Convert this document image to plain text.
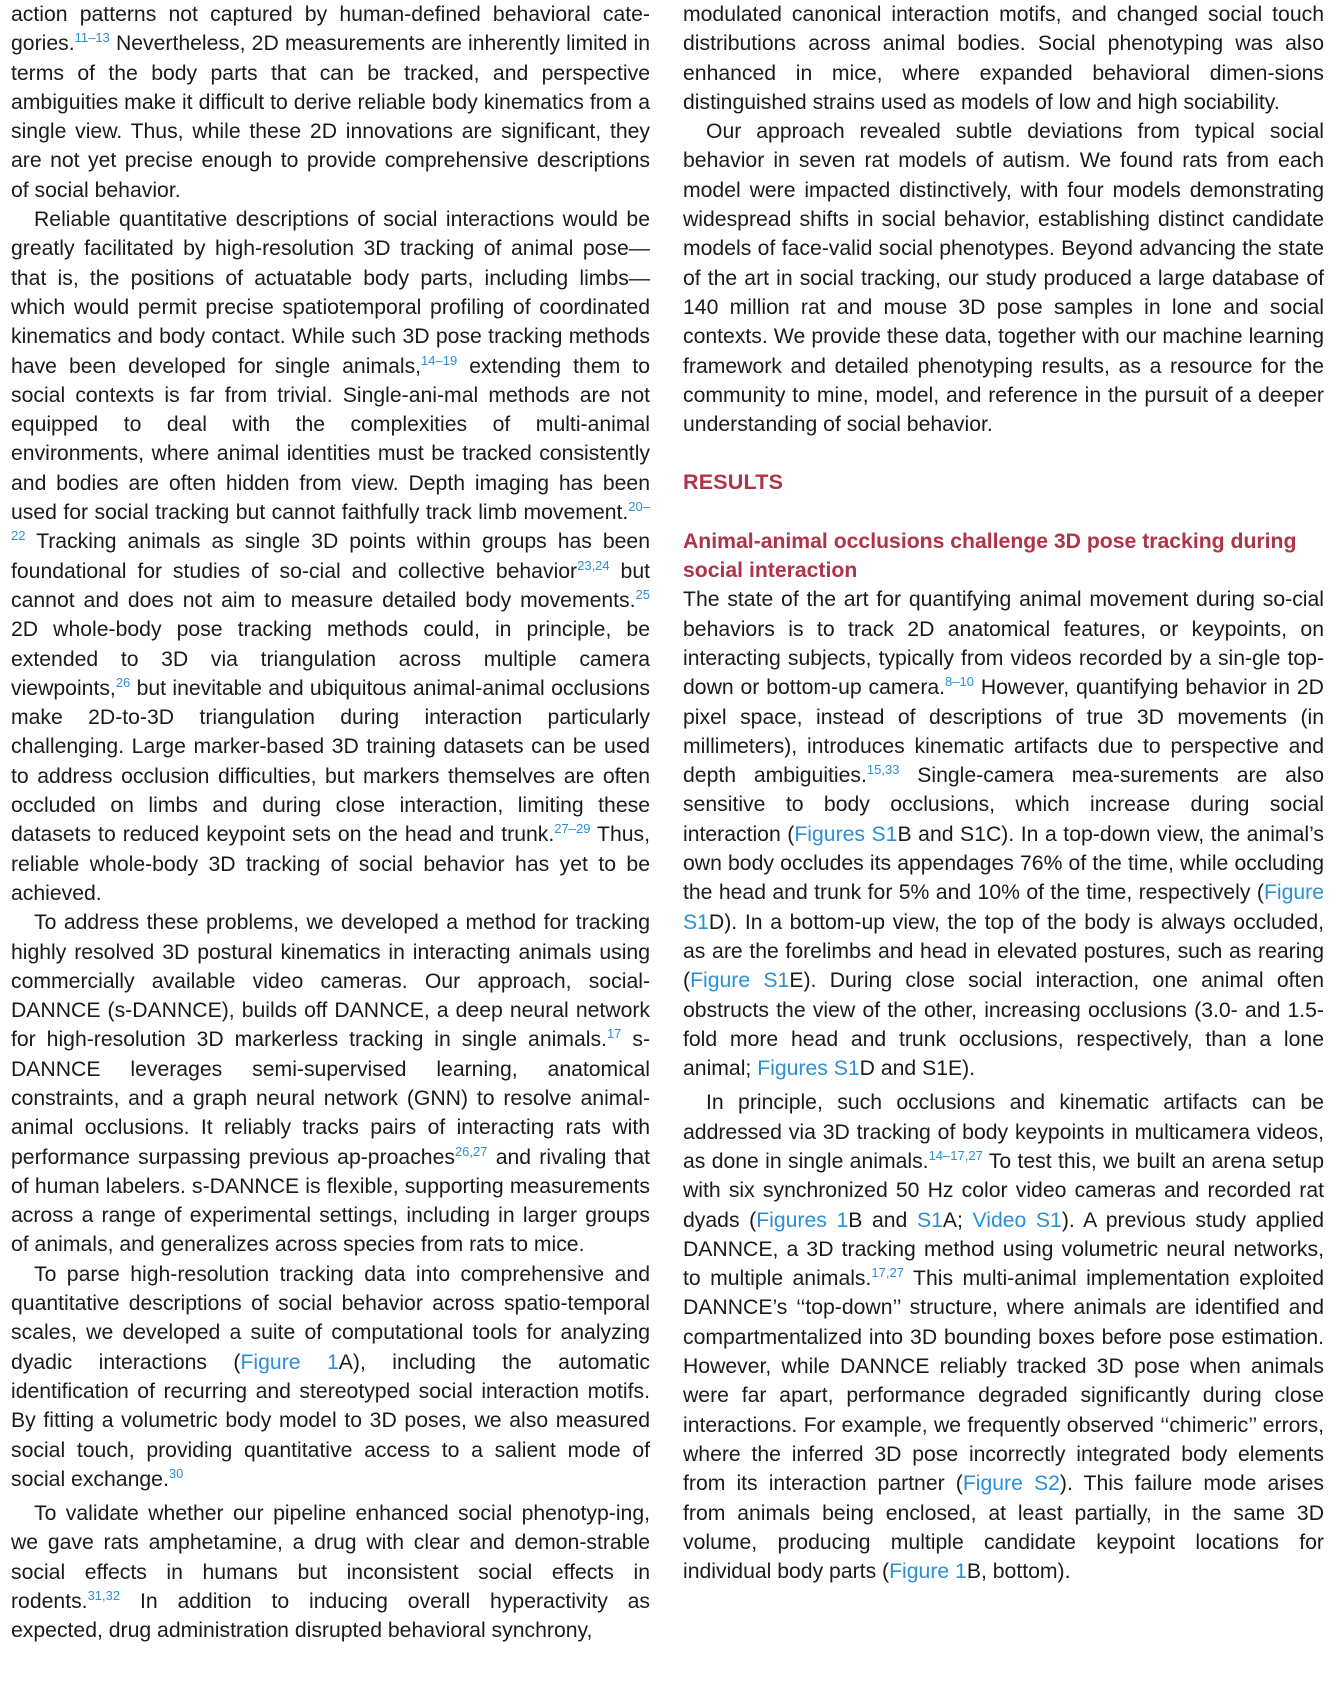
action patterns not captured by human-defined behavioral cate-gories.$^{11-13}$ Nevertheless, 2D measurements are inherently limited in terms of the body parts that can be tracked, and perspective ambiguities make it difficult to derive reliable body kinematics from a single view. Thus, while these 2D innovations are significant, they are not yet precise enough to provide comprehensive descriptions of social behavior.

Reliable quantitative descriptions of social interactions would be greatly facilitated by high-resolution 3D tracking of animal pose—that is, the positions of actuatable body parts, including limbs—which would permit precise spatiotemporal profiling of coordinated kinematics and body contact. While such 3D pose tracking methods have been developed for single animals,$^{14-19}$ extending them to social contexts is far from trivial. Single-ani-mal methods are not equipped to deal with the complexities of multi-animal environments, where animal identities must be tracked consistently and bodies are often hidden from view. Depth imaging has been used for social tracking but cannot faithfully track limb movement.$^{20-22}$ Tracking animals as single 3D points within groups has been foundational for studies of so-cial and collective behavior$^{23,24}$ but cannot and does not aim to measure detailed body movements.$^{25}$ 2D whole-body pose tracking methods could, in principle, be extended to 3D via triangulation across multiple camera viewpoints,$^{26}$ but inevitable and ubiquitous animal-animal occlusions make 2D-to-3D triangulation during interaction particularly challenging. Large marker-based 3D training datasets can be used to address occlusion difficulties, but markers themselves are often occluded on limbs and during close interaction, limiting these datasets to reduced keypoint sets on the head and trunk.$^{27-29}$ Thus, reliable whole-body 3D tracking of social behavior has yet to be achieved.

To address these problems, we developed a method for tracking highly resolved 3D postural kinematics in interacting animals using commercially available video cameras. Our approach, social-DANNCE (s-DANNCE), builds off DANNCE, a deep neural network for high-resolution 3D markerless tracking in single animals.$^{17}$ s-DANNCE leverages semi-supervised learning, anatomical constraints, and a graph neural network (GNN) to resolve animal-animal occlusions. It reliably tracks pairs of interacting rats with performance surpassing previous ap-proaches$^{26,27}$ and rivaling that of human labelers. s-DANNCE is flexible, supporting measurements across a range of experimental settings, including in larger groups of animals, and generalizes across species from rats to mice.

To parse high-resolution tracking data into comprehensive and quantitative descriptions of social behavior across spatio-temporal scales, we developed a suite of computational tools for analyzing dyadic interactions (Figure 1A), including the automatic identification of recurring and stereotyped social interaction motifs. By fitting a volumetric body model to 3D poses, we also measured social touch, providing quantitative access to a salient mode of social exchange.$^{30}$

To validate whether our pipeline enhanced social phenotyp-ing, we gave rats amphetamine, a drug with clear and demon-strable social effects in humans but inconsistent social effects in rodents.$^{31,32}$ In addition to inducing overall hyperactivity as expected, drug administration disrupted behavioral synchrony,

modulated canonical interaction motifs, and changed social touch distributions across animal bodies. Social phenotyping was also enhanced in mice, where expanded behavioral dimen-sions distinguished strains used as models of low and high sociability.

Our approach revealed subtle deviations from typical social behavior in seven rat models of autism. We found rats from each model were impacted distinctively, with four models demonstrating widespread shifts in social behavior, establishing distinct candidate models of face-valid social phenotypes. Beyond advancing the state of the art in social tracking, our study produced a large database of 140 million rat and mouse 3D pose samples in lone and social contexts. We provide these data, together with our machine learning framework and detailed phenotyping results, as a resource for the community to mine, model, and reference in the pursuit of a deeper understanding of social behavior.

RESULTS
Animal-animal occlusions challenge 3D pose tracking during social interaction

The state of the art for quantifying animal movement during so-cial behaviors is to track 2D anatomical features, or keypoints, on interacting subjects, typically from videos recorded by a sin-gle top-down or bottom-up camera.$^{8-10}$ However, quantifying behavior in 2D pixel space, instead of descriptions of true 3D movements (in millimeters), introduces kinematic artifacts due to perspective and depth ambiguities.$^{15,33}$ Single-camera mea-surements are also sensitive to body occlusions, which increase during social interaction (Figures S1B and S1C). In a top-down view, the animal’s own body occludes its appendages 76% of the time, while occluding the head and trunk for 5% and 10% of the time, respectively (Figure S1D). In a bottom-up view, the top of the body is always occluded, as are the forelimbs and head in elevated postures, such as rearing (Figure S1E). During close social interaction, one animal often obstructs the view of the other, increasing occlusions (3.0- and 1.5-fold more head and trunk occlusions, respectively, than a lone animal; Figures S1D and S1E).

In principle, such occlusions and kinematic artifacts can be addressed via 3D tracking of body keypoints in multicamera videos, as done in single animals.$^{14-17,27}$ To test this, we built an arena setup with six synchronized 50 Hz color video cameras and recorded rat dyads (Figures 1B and S1A; Video S1). A previous study applied DANNCE, a 3D tracking method using volumetric neural networks, to multiple animals.$^{17,27}$ This multi-animal implementation exploited DANNCE’s ‘‘top-down’’ structure, where animals are identified and compartmentalized into 3D bounding boxes before pose estimation. However, while DANNCE reliably tracked 3D pose when animals were far apart, performance degraded significantly during close interactions. For example, we frequently observed ‘‘chimeric’’ errors, where the inferred 3D pose incorrectly integrated body elements from its interaction partner (Figure S2). This failure mode arises from animals being enclosed, at least partially, in the same 3D volume, producing multiple candidate keypoint locations for individual body parts (Figure 1B, bottom).
